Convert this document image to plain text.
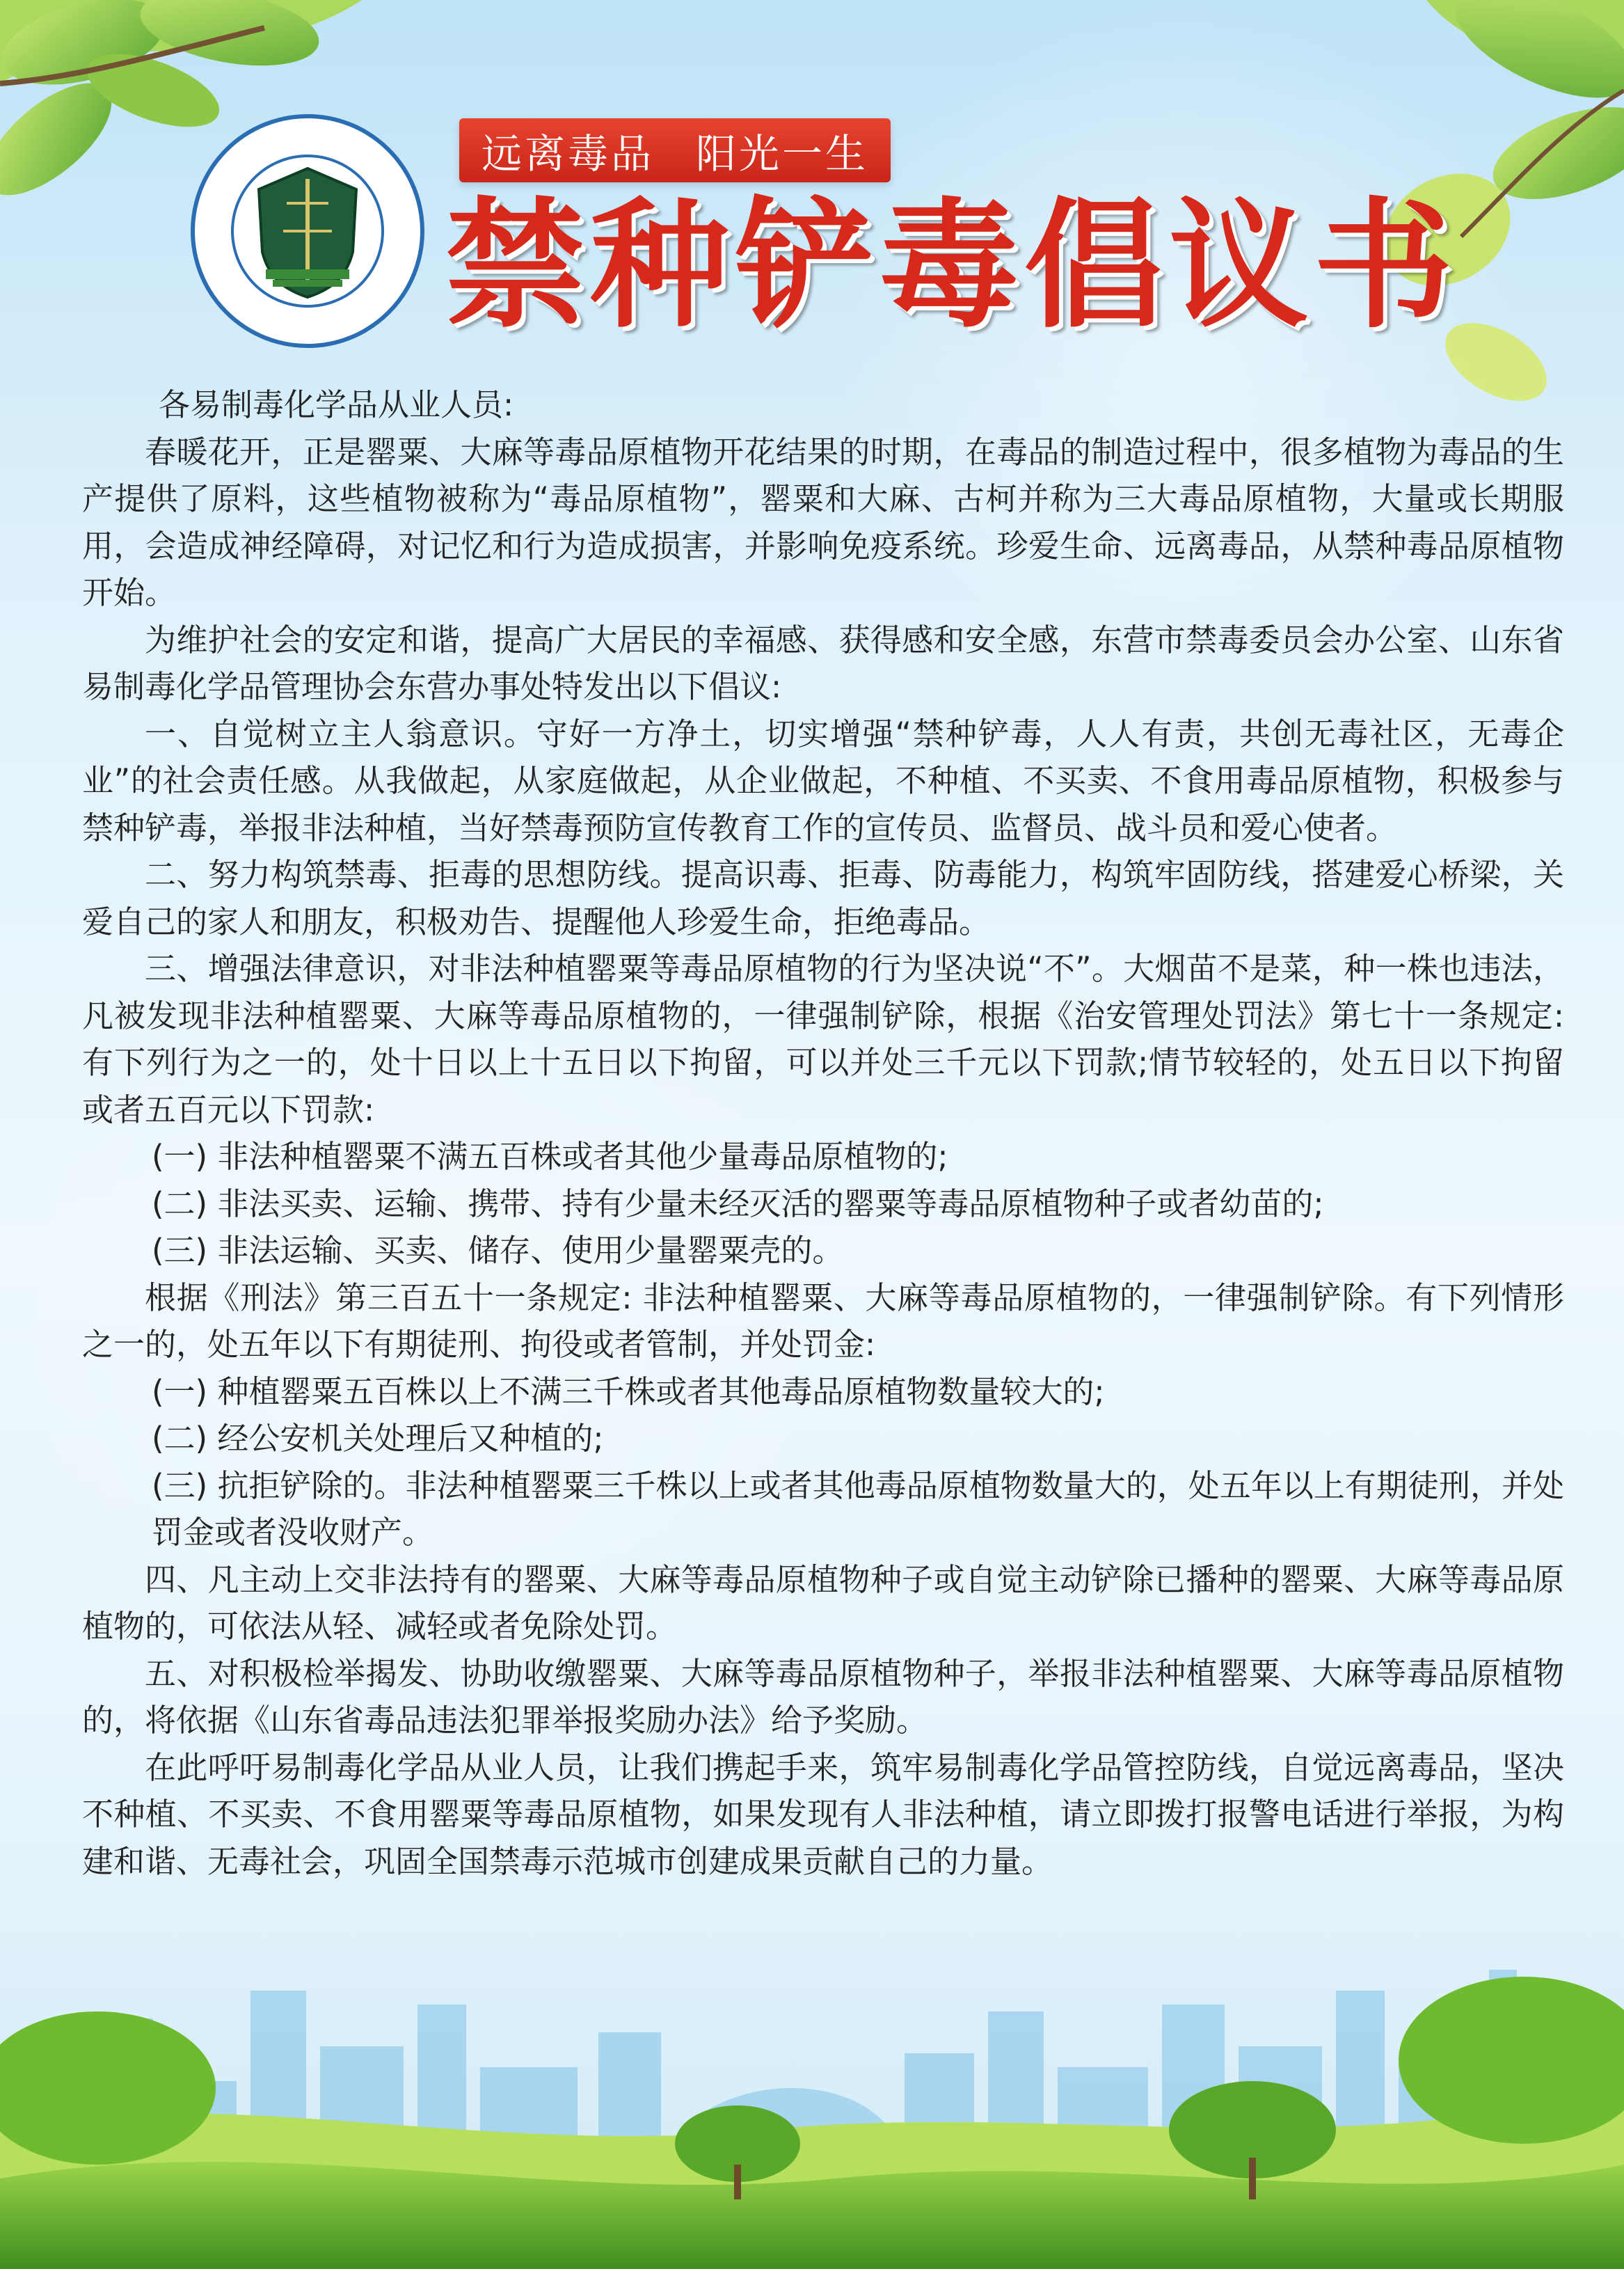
远离毒品 阳光一生
禁种铲毒倡议书

各易制毒化学品从业人员:

春暖花开，正是罂粟、大麻等毒品原植物开花结果的时期，在毒品的制造过程中，很多植物为毒品的生产提供了原料，这些植物被称为“毒品原植物”，罂粟和大麻、古柯并称为三大毒品原植物，大量或长期服用，会造成神经障碍，对记忆和行为造成损害，并影响免疫系统。珍爱生命、远离毒品，从禁种毒品原植物开始。

为维护社会的安定和谐，提高广大居民的幸福感、获得感和安全感，东营市禁毒委员会办公室、山东省易制毒化学品管理协会东营办事处特发出以下倡议:

一、自觉树立主人翁意识。守好一方净土，切实增强“禁种铲毒，人人有责，共创无毒社区，无毒企业”的社会责任感。从我做起，从家庭做起，从企业做起，不种植、不买卖、不食用毒品原植物，积极参与禁种铲毒，举报非法种植，当好禁毒预防宣传教育工作的宣传员、监督员、战斗员和爱心使者。

二、努力构筑禁毒、拒毒的思想防线。提高识毒、拒毒、防毒能力，构筑牢固防线，搭建爱心桥梁，关爱自己的家人和朋友，积极劝告、提醒他人珍爱生命，拒绝毒品。

三、增强法律意识，对非法种植罂粟等毒品原植物的行为坚决说“不”。大烟苗不是菜，种一株也违法，凡被发现非法种植罂粟、大麻等毒品原植物的，一律强制铲除，根据《治安管理处罚法》第七十一条规定: 有下列行为之一的，处十日以上十五日以下拘留，可以并处三千元以下罚款;情节较轻的，处五日以下拘留或者五百元以下罚款:

(一) 非法种植罂粟不满五百株或者其他少量毒品原植物的;

(二) 非法买卖、运输、携带、持有少量未经灭活的罂粟等毒品原植物种子或者幼苗的;

(三) 非法运输、买卖、储存、使用少量罂粟壳的。

根据《刑法》第三百五十一条规定: 非法种植罂粟、大麻等毒品原植物的，一律强制铲除。有下列情形之一的，处五年以下有期徒刑、拘役或者管制，并处罚金:

(一) 种植罂粟五百株以上不满三千株或者其他毒品原植物数量较大的;

(二) 经公安机关处理后又种植的;

(三) 抗拒铲除的。非法种植罂粟三千株以上或者其他毒品原植物数量大的，处五年以上有期徒刑，并处罚金或者没收财产。

四、凡主动上交非法持有的罂粟、大麻等毒品原植物种子或自觉主动铲除已播种的罂粟、大麻等毒品原植物的，可依法从轻、减轻或者免除处罚。

五、对积极检举揭发、协助收缴罂粟、大麻等毒品原植物种子，举报非法种植罂粟、大麻等毒品原植物的，将依据《山东省毒品违法犯罪举报奖励办法》给予奖励。

在此呼吁易制毒化学品从业人员，让我们携起手来，筑牢易制毒化学品管控防线，自觉远离毒品，坚决不种植、不买卖、不食用罂粟等毒品原植物，如果发现有人非法种植，请立即拨打报警电话进行举报，为构建和谐、无毒社会，巩固全国禁毒示范城市创建成果贡献自己的力量。
